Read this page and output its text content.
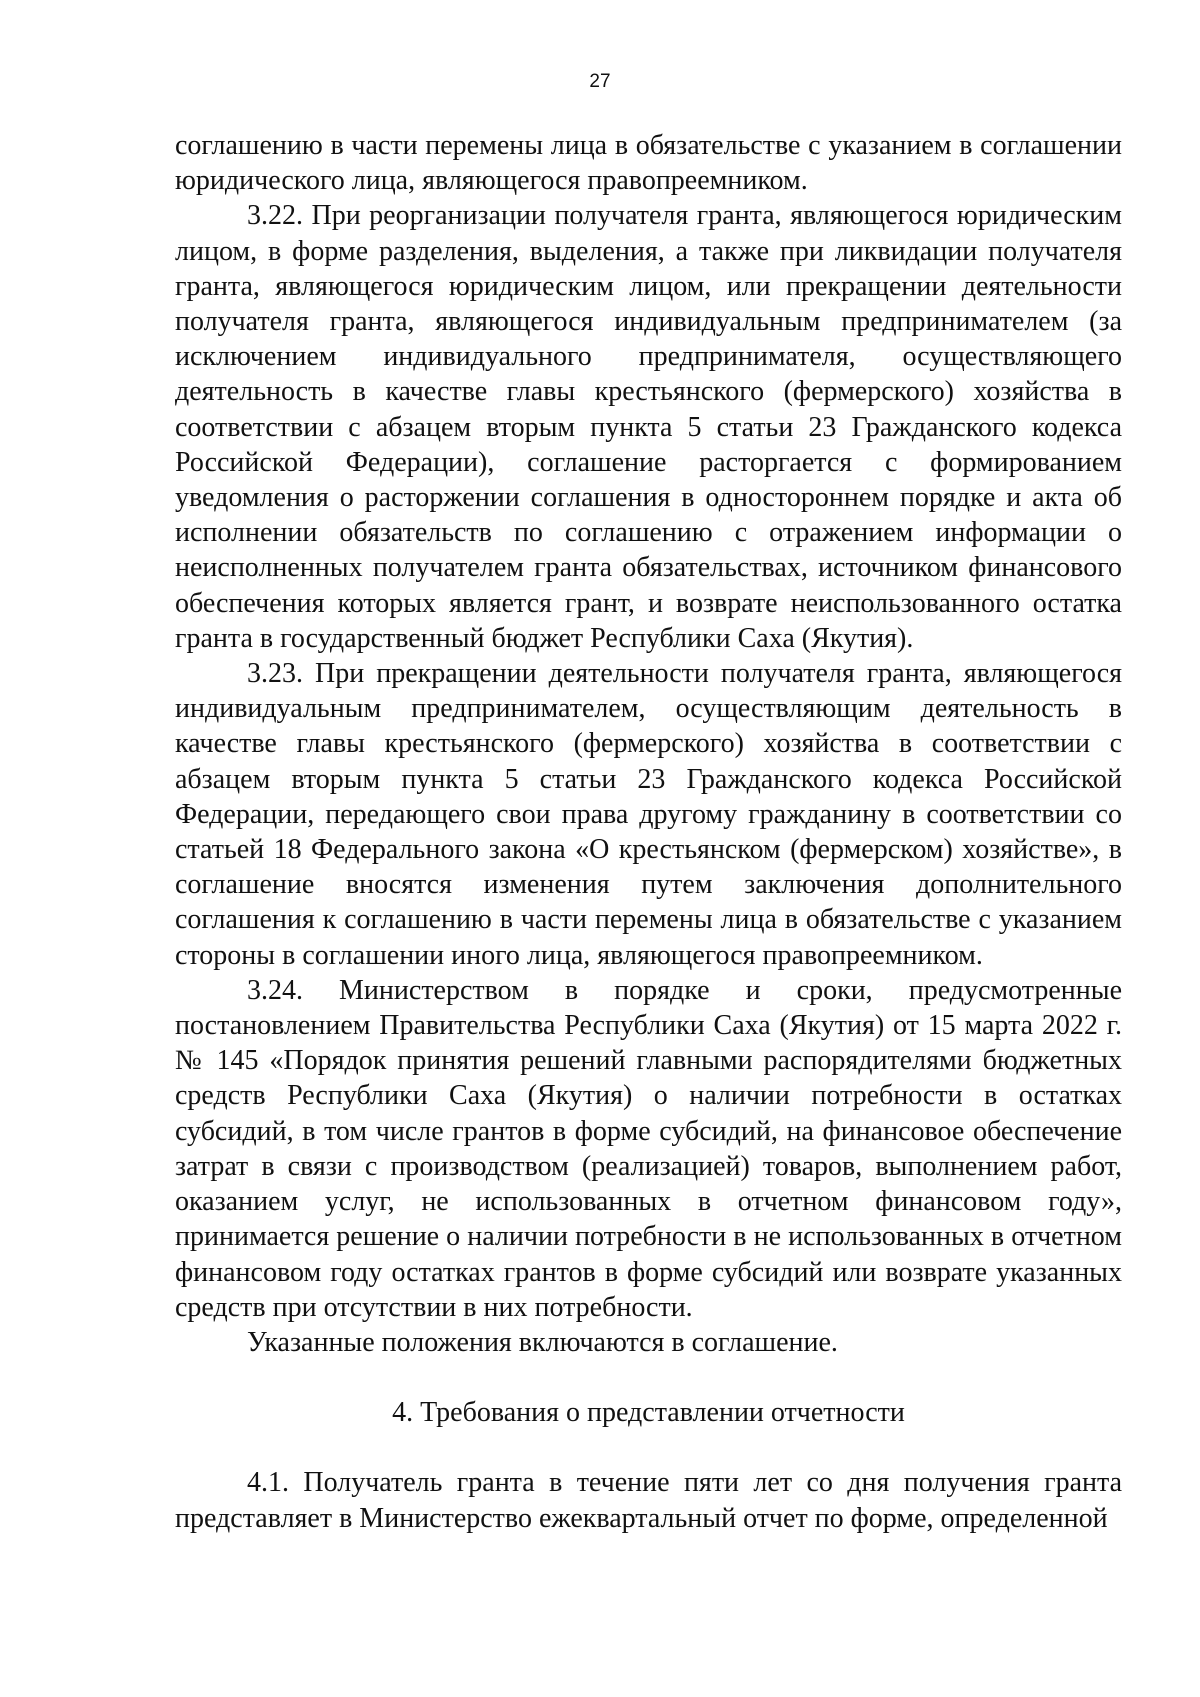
27

соглашению в части перемены лица в обязательстве с указанием в соглашении юридического лица, являющегося правопреемником.

3.22. При реорганизации получателя гранта, являющегося юридическим лицом, в форме разделения, выделения, а также при ликвидации получателя гранта, являющегося юридическим лицом, или прекращении деятельности получателя гранта, являющегося индивидуальным предпринимателем (за исключением индивидуального предпринимателя, осуществляющего деятельность в качестве главы крестьянского (фермерского) хозяйства в соответствии с абзацем вторым пункта 5 статьи 23 Гражданского кодекса Российской Федерации), соглашение расторгается с формированием уведомления о расторжении соглашения в одностороннем порядке и акта об исполнении обязательств по соглашению с отражением информации о неисполненных получателем гранта обязательствах, источником финансового обеспечения которых является грант, и возврате неиспользованного остатка гранта в государственный бюджет Республики Саха (Якутия).

3.23. При прекращении деятельности получателя гранта, являющегося индивидуальным предпринимателем, осуществляющим деятельность в качестве главы крестьянского (фермерского) хозяйства в соответствии с абзацем вторым пункта 5 статьи 23 Гражданского кодекса Российской Федерации, передающего свои права другому гражданину в соответствии со статьей 18 Федерального закона «О крестьянском (фермерском) хозяйстве», в соглашение вносятся изменения путем заключения дополнительного соглашения к соглашению в части перемены лица в обязательстве с указанием стороны в соглашении иного лица, являющегося правопреемником.

3.24. Министерством в порядке и сроки, предусмотренные постановлением Правительства Республики Саха (Якутия) от 15 марта 2022 г. № 145 «Порядок принятия решений главными распорядителями бюджетных средств Республики Саха (Якутия) о наличии потребности в остатках субсидий, в том числе грантов в форме субсидий, на финансовое обеспечение затрат в связи с производством (реализацией) товаров, выполнением работ, оказанием услуг, не использованных в отчетном финансовом году», принимается решение о наличии потребности в не использованных в отчетном финансовом году остатках грантов в форме субсидий или возврате указанных средств при отсутствии в них потребности.

Указанные положения включаются в соглашение.

4. Требования о представлении отчетности

4.1. Получатель гранта в течение пяти лет со дня получения гранта представляет в Министерство ежеквартальный отчет по форме, определенной
